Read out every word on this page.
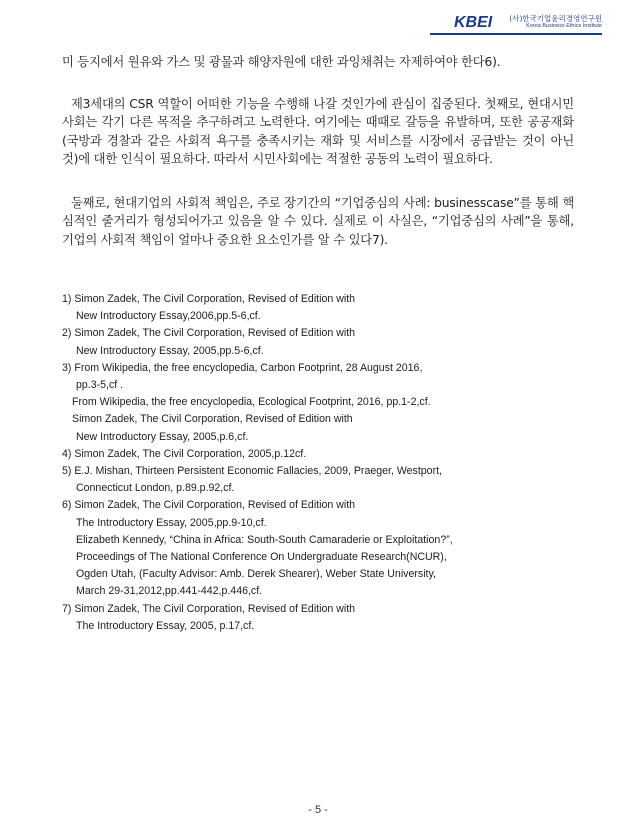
KBEI (사)한국기업윤리경영연구원
Korea Business Ethics Institute
미 등지에서 원유와 가스 및 광물과 해양자원에 대한 과잉채취는 자제하여야 한다6).
제3세대의 CSR 역할이 어떠한 기능을 수행해 나갈 것인가에 관심이 집중된다. 첫째로, 현대시민사회는 각기 다른 목적을 추구하려고 노력한다. 여기에는 때때로 갈등을 유발하며, 또한 공공재화(국방과 경찰과 같은 사회적 욕구를 충족시키는 재화 및 서비스를 시장에서 공급받는 것이 아닌 것)에 대한 인식이 필요하다. 따라서 시민사회에는 적절한 공동의 노력이 필요하다.
둘째로, 현대기업의 사회적 책임은, 주로 장기간의 “기업중심의 사례: businesscase”를 통해 핵심적인 줄거리가 형성되어가고 있음을 알 수 있다. 실제로 이 사실은, “기업중심의 사례”을 통해, 기업의 사회적 책임이 얼마나 중요한 요소인가를 알 수 있다7).
1) Simon Zadek, The Civil Corporation, Revised of Edition with
New Introductory Essay,2006,pp.5-6,cf.
2) Simon Zadek, The Civil Corporation, Revised of Edition with
New Introductory Essay, 2005,pp.5-6,cf.
3) From Wikipedia, the free encyclopedia, Carbon Footprint, 28 August 2016,
pp.3-5,cf .
From Wikipedia, the free encyclopedia, Ecological Footprint, 2016, pp.1-2,cf.
Simon Zadek, The Civil Corporation, Revised of Edition with
New Introductory Essay, 2005,p.6,cf.
4) Simon Zadek, The Civil Corporation, 2005,p.12cf.
5) E.J. Mishan, Thirteen Persistent Economic Fallacies, 2009, Praeger, Westport,
Connecticut London, p.89.p.92,cf.
6) Simon Zadek, The Civil Corporation, Revised of Edition with
The Introductory Essay, 2005,pp.9-10,cf.
Elizabeth Kennedy, “China in Africa: South-South Camaraderie or Exploitation?”,
Proceedings of The National Conference On Undergraduate Research(NCUR),
Ogden Utah, (Faculty Advisor: Amb. Derek Shearer), Weber State University,
March 29-31,2012,pp.441-442,p.446,cf.
7) Simon Zadek, The Civil Corporation, Revised of Edition with
The Introductory Essay, 2005, p.17,cf.
- 5 -
